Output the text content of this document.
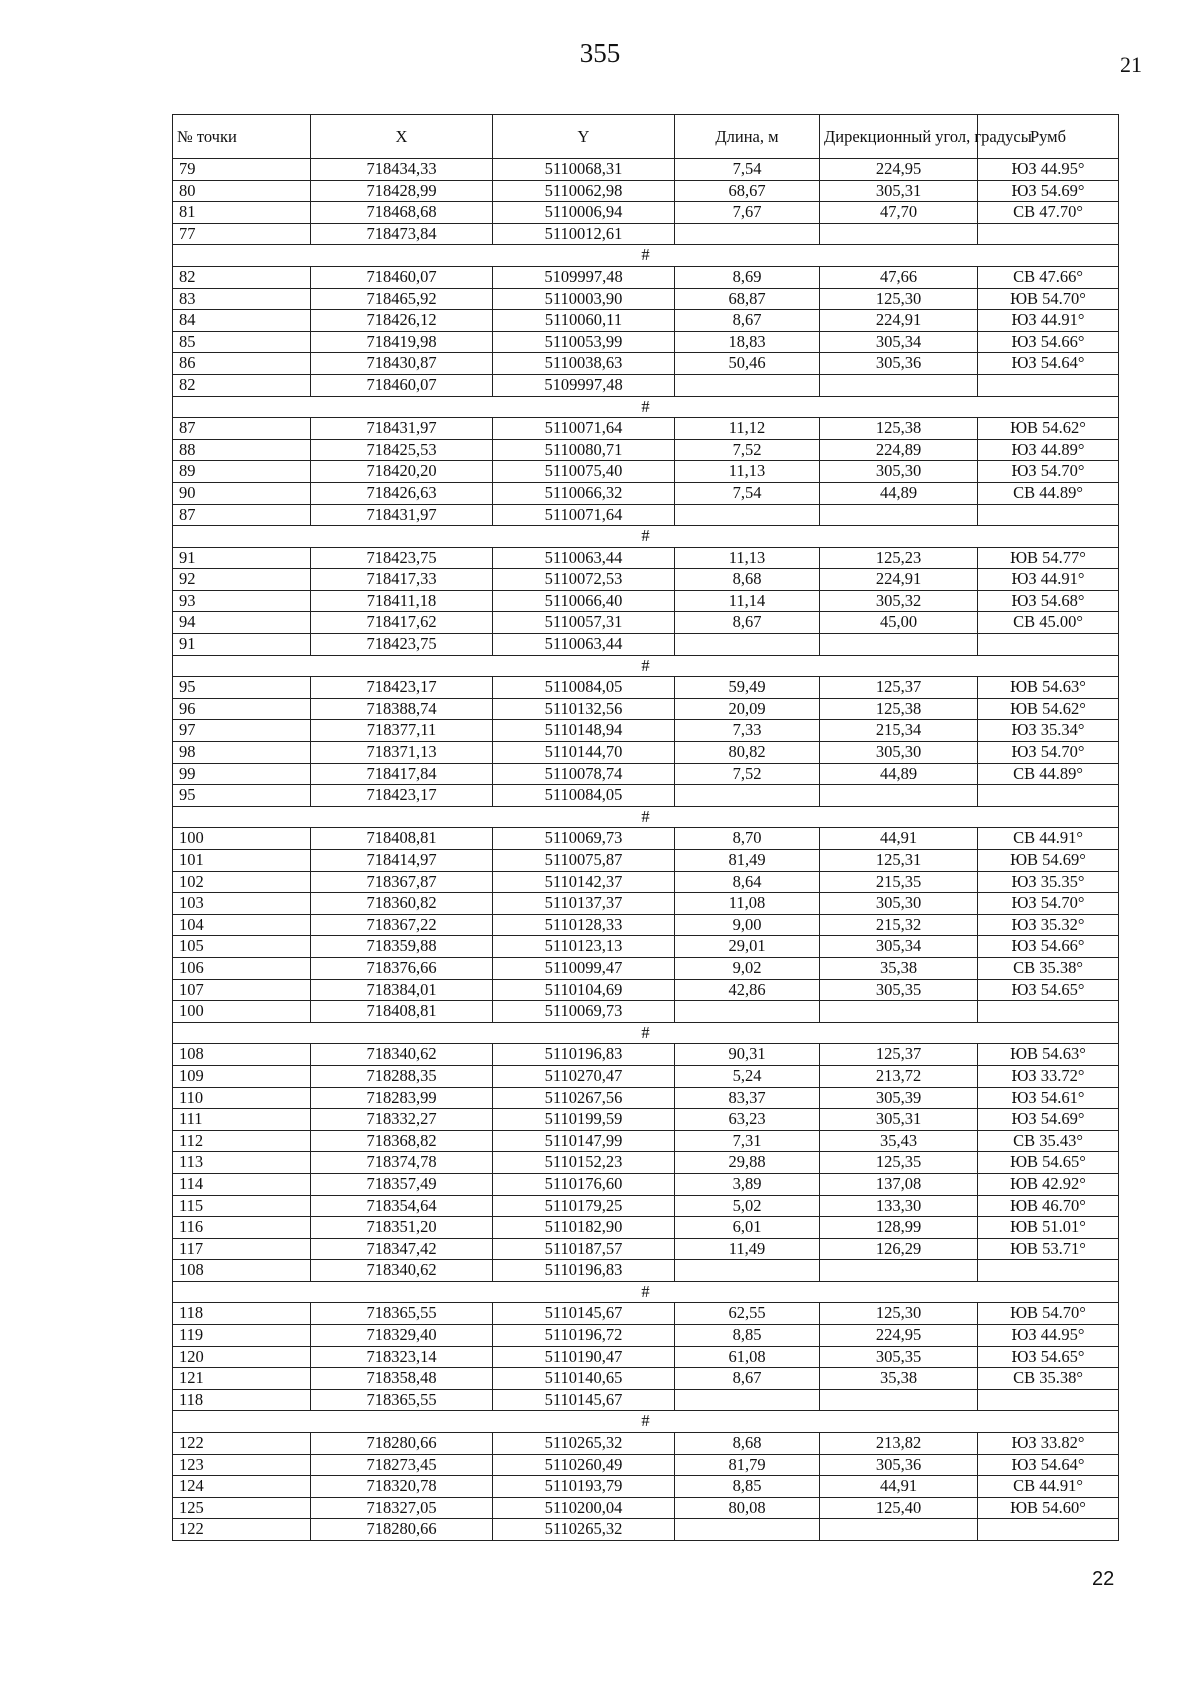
355	21
№ точки	X	Y	Длина, м	Дирекционный угол, градусы	Румб
79	718434,33	5110068,31	7,54	224,95	ЮЗ 44.95°
80	718428,99	5110062,98	68,67	305,31	ЮЗ 54.69°
81	718468,68	5110006,94	7,67	47,70	СВ 47.70°
77	718473,84	5110012,61			
#					
82	718460,07	5109997,48	8,69	47,66	СВ 47.66°
83	718465,92	5110003,90	68,87	125,30	ЮВ 54.70°
84	718426,12	5110060,11	8,67	224,91	ЮЗ 44.91°
85	718419,98	5110053,99	18,83	305,34	ЮЗ 54.66°
86	718430,87	5110038,63	50,46	305,36	ЮЗ 54.64°
82	718460,07	5109997,48			
#					
87	718431,97	5110071,64	11,12	125,38	ЮВ 54.62°
88	718425,53	5110080,71	7,52	224,89	ЮЗ 44.89°
89	718420,20	5110075,40	11,13	305,30	ЮЗ 54.70°
90	718426,63	5110066,32	7,54	44,89	СВ 44.89°
87	718431,97	5110071,64			
#					
91	718423,75	5110063,44	11,13	125,23	ЮВ 54.77°
92	718417,33	5110072,53	8,68	224,91	ЮЗ 44.91°
93	718411,18	5110066,40	11,14	305,32	ЮЗ 54.68°
94	718417,62	5110057,31	8,67	45,00	СВ 45.00°
91	718423,75	5110063,44			
#					
95	718423,17	5110084,05	59,49	125,37	ЮВ 54.63°
96	718388,74	5110132,56	20,09	125,38	ЮВ 54.62°
97	718377,11	5110148,94	7,33	215,34	ЮЗ 35.34°
98	718371,13	5110144,70	80,82	305,30	ЮЗ 54.70°
99	718417,84	5110078,74	7,52	44,89	СВ 44.89°
95	718423,17	5110084,05			
#					
100	718408,81	5110069,73	8,70	44,91	СВ 44.91°
101	718414,97	5110075,87	81,49	125,31	ЮВ 54.69°
102	718367,87	5110142,37	8,64	215,35	ЮЗ 35.35°
103	718360,82	5110137,37	11,08	305,30	ЮЗ 54.70°
104	718367,22	5110128,33	9,00	215,32	ЮЗ 35.32°
105	718359,88	5110123,13	29,01	305,34	ЮЗ 54.66°
106	718376,66	5110099,47	9,02	35,38	СВ 35.38°
107	718384,01	5110104,69	42,86	305,35	ЮЗ 54.65°
100	718408,81	5110069,73			
#					
108	718340,62	5110196,83	90,31	125,37	ЮВ 54.63°
109	718288,35	5110270,47	5,24	213,72	ЮЗ 33.72°
110	718283,99	5110267,56	83,37	305,39	ЮЗ 54.61°
111	718332,27	5110199,59	63,23	305,31	ЮЗ 54.69°
112	718368,82	5110147,99	7,31	35,43	СВ 35.43°
113	718374,78	5110152,23	29,88	125,35	ЮВ 54.65°
114	718357,49	5110176,60	3,89	137,08	ЮВ 42.92°
115	718354,64	5110179,25	5,02	133,30	ЮВ 46.70°
116	718351,20	5110182,90	6,01	128,99	ЮВ 51.01°
117	718347,42	5110187,57	11,49	126,29	ЮВ 53.71°
108	718340,62	5110196,83			
#					
118	718365,55	5110145,67	62,55	125,30	ЮВ 54.70°
119	718329,40	5110196,72	8,85	224,95	ЮЗ 44.95°
120	718323,14	5110190,47	61,08	305,35	ЮЗ 54.65°
121	718358,48	5110140,65	8,67	35,38	СВ 35.38°
118	718365,55	5110145,67			
#					
122	718280,66	5110265,32	8,68	213,82	ЮЗ 33.82°
123	718273,45	5110260,49	81,79	305,36	ЮЗ 54.64°
124	718320,78	5110193,79	8,85	44,91	СВ 44.91°
125	718327,05	5110200,04	80,08	125,40	ЮВ 54.60°
122	718280,66	5110265,32			
22
